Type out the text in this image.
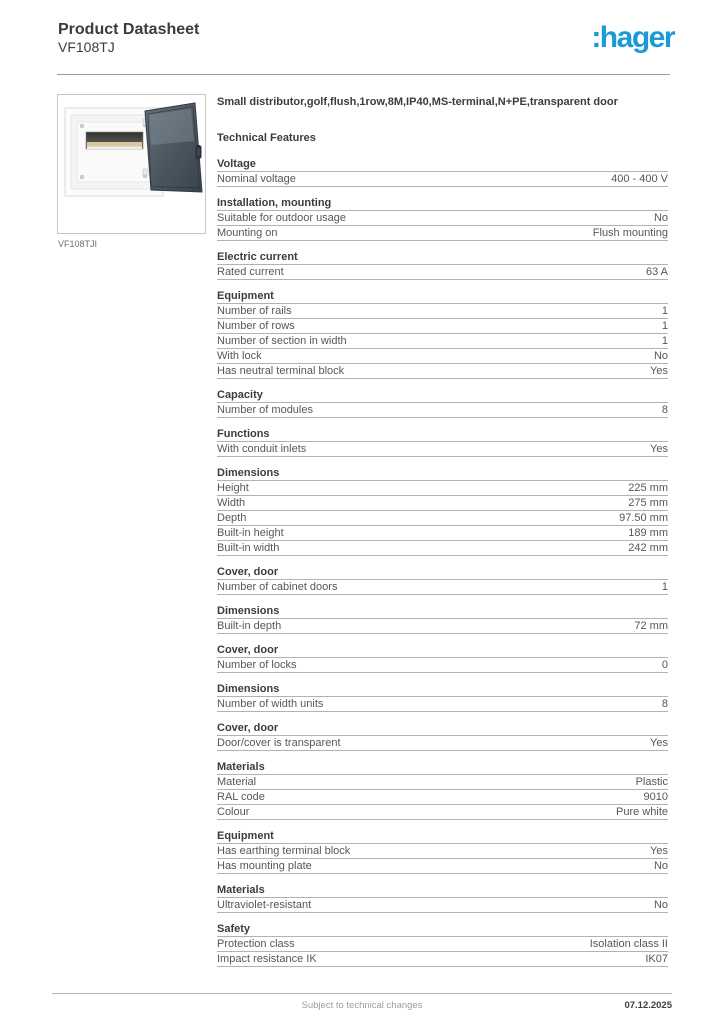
Product Datasheet
VF108TJ	:hager
VF108TJI
Small distributor,golf,flush,1row,8M,IP40,MS-terminal,N+PE,transparent door
Technical Features
Voltage
Nominal voltage	400 - 400 V
Installation, mounting
Suitable for outdoor usage	No
Mounting on	Flush mounting
Electric current
Rated current	63 A
Equipment
Number of rails	1
Number of rows	1
Number of section in width	1
With lock	No
Has neutral terminal block	Yes
Capacity
Number of modules	8
Functions
With conduit inlets	Yes
Dimensions
Height	225 mm
Width	275 mm
Depth	97.50 mm
Built-in height	189 mm
Built-in width	242 mm
Cover, door
Number of cabinet doors	1
Dimensions
Built-in depth	72 mm
Cover, door
Number of locks	0
Dimensions
Number of width units	8
Cover, door
Door/cover is transparent	Yes
Materials
Material	Plastic
RAL code	9010
Colour	Pure white
Equipment
Has earthing terminal block	Yes
Has mounting plate	No
Materials
Ultraviolet-resistant	No
Safety
Protection class	Isolation class II
Impact resistance IK	IK07
Subject to technical changes	07.12.2025
